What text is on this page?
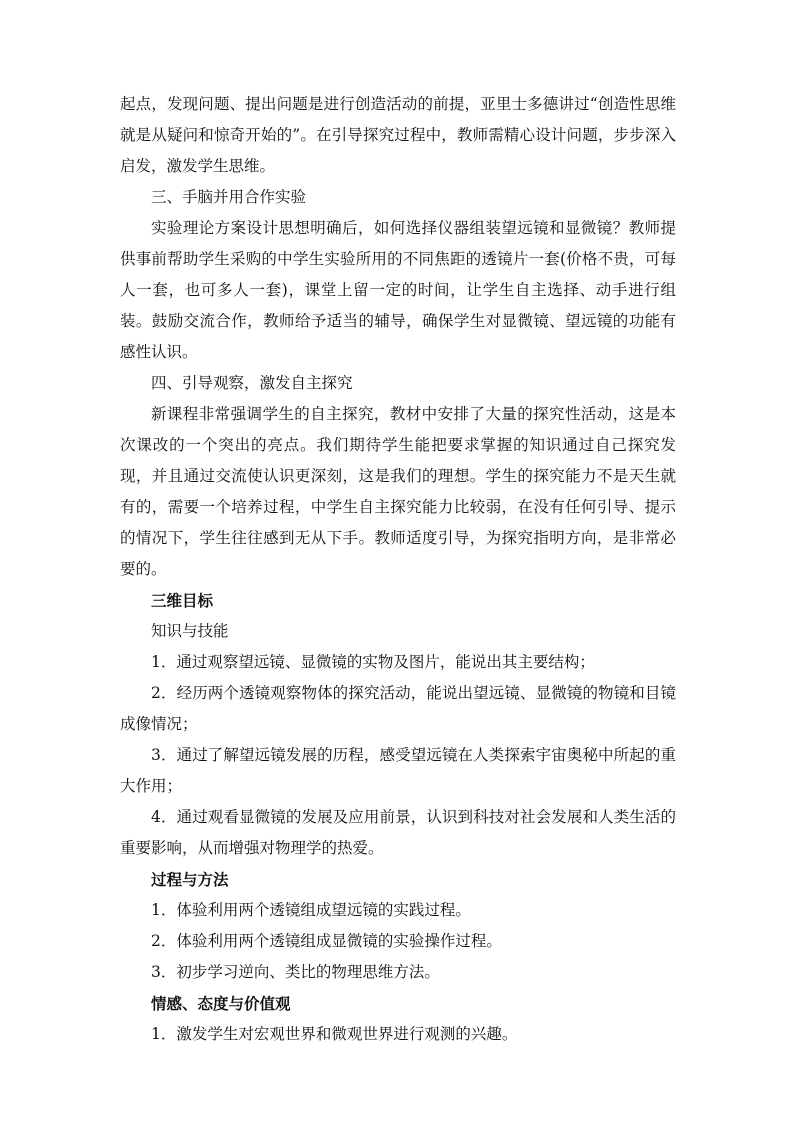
起点，发现问题、提出问题是进行创造活动的前提，亚里士多德讲过“创造性思维就是从疑问和惊奇开始的”。在引导探究过程中，教师需精心设计问题，步步深入启发，激发学生思维。

三、手脑并用合作实验

实验理论方案设计思想明确后，如何选择仪器组装望远镜和显微镜？教师提供事前帮助学生采购的中学生实验所用的不同焦距的透镜片一套(价格不贵，可每人一套，也可多人一套)，课堂上留一定的时间，让学生自主选择、动手进行组装。鼓励交流合作，教师给予适当的辅导，确保学生对显微镜、望远镜的功能有感性认识。

四、引导观察，激发自主探究

新课程非常强调学生的自主探究，教材中安排了大量的探究性活动，这是本次课改的一个突出的亮点。我们期待学生能把要求掌握的知识通过自己探究发现，并且通过交流使认识更深刻，这是我们的理想。学生的探究能力不是天生就有的，需要一个培养过程，中学生自主探究能力比较弱，在没有任何引导、提示的情况下，学生往往感到无从下手。教师适度引导，为探究指明方向，是非常必要的。

三维目标

知识与技能

1．通过观察望远镜、显微镜的实物及图片，能说出其主要结构；

2．经历两个透镜观察物体的探究活动，能说出望远镜、显微镜的物镜和目镜成像情况；

3．通过了解望远镜发展的历程，感受望远镜在人类探索宇宙奥秘中所起的重大作用；

4．通过观看显微镜的发展及应用前景，认识到科技对社会发展和人类生活的重要影响，从而增强对物理学的热爱。

过程与方法

1．体验利用两个透镜组成望远镜的实践过程。

2．体验利用两个透镜组成显微镜的实验操作过程。

3．初步学习逆向、类比的物理思维方法。

情感、态度与价值观

1．激发学生对宏观世界和微观世界进行观测的兴趣。
